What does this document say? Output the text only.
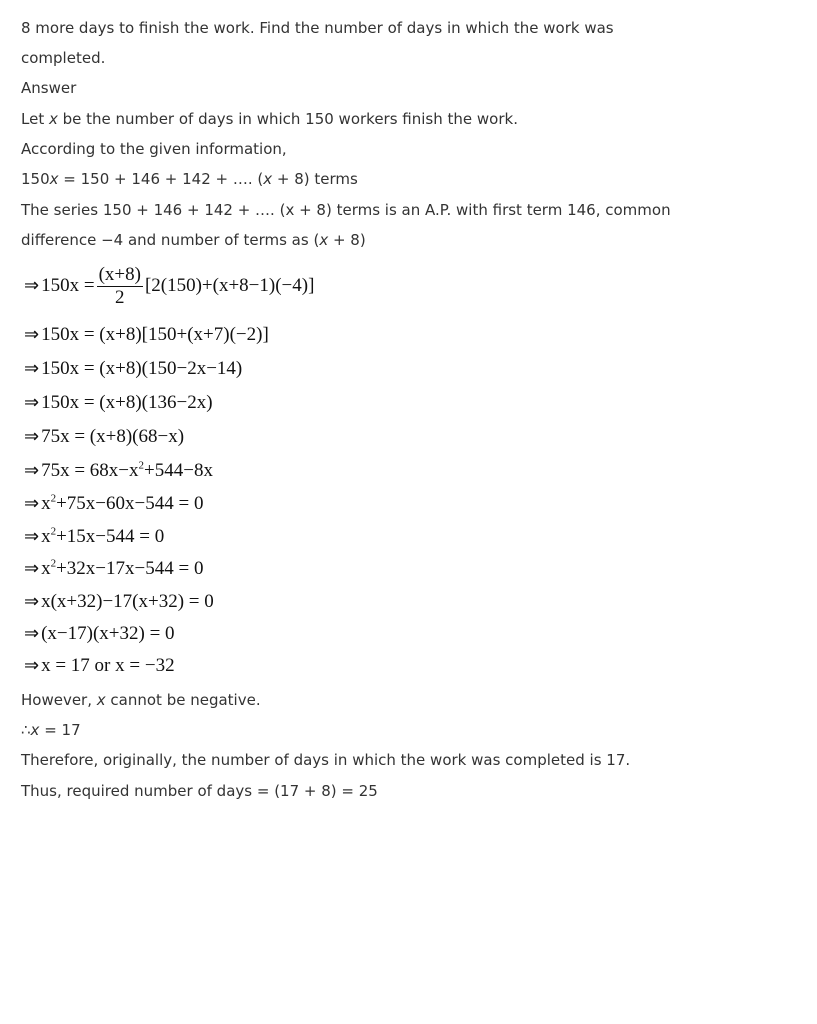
8 more days to finish the work. Find the number of days in which the work was
completed.
Answer
Let x be the number of days in which 150 workers finish the work.
According to the given information,
150x = 150 + 146 + 142 + …. (x + 8) terms
The series 150 + 146 + 142 + …. (x + 8) terms is an A.P. with first term 146, common
difference −4 and number of terms as (x + 8)
⇒ $150x = \frac{(x+8)}{2} [2(150)+(x+8-1)(-4)]$
⇒ 150x = (x+8)[150+(x+7)(−2)]
⇒ 150x = (x+8)(150−2x−14)
⇒ 150x = (x+8)(136−2x)
⇒ 75x = (x+8)(68−x)
⇒ $75x = 68x-x^2+544-8x$
⇒ $x^2+75x-60x-544 = 0$
⇒ $x^2+15x-544 = 0$
⇒ $x^2+32x-17x-544 = 0$
⇒ x(x+32)−17(x+32) = 0
⇒ (x−17)(x+32) = 0
⇒ x = 17 or x = −32
However, x cannot be negative.
∴x = 17
Therefore, originally, the number of days in which the work was completed is 17.
Thus, required number of days = (17 + 8) = 25
